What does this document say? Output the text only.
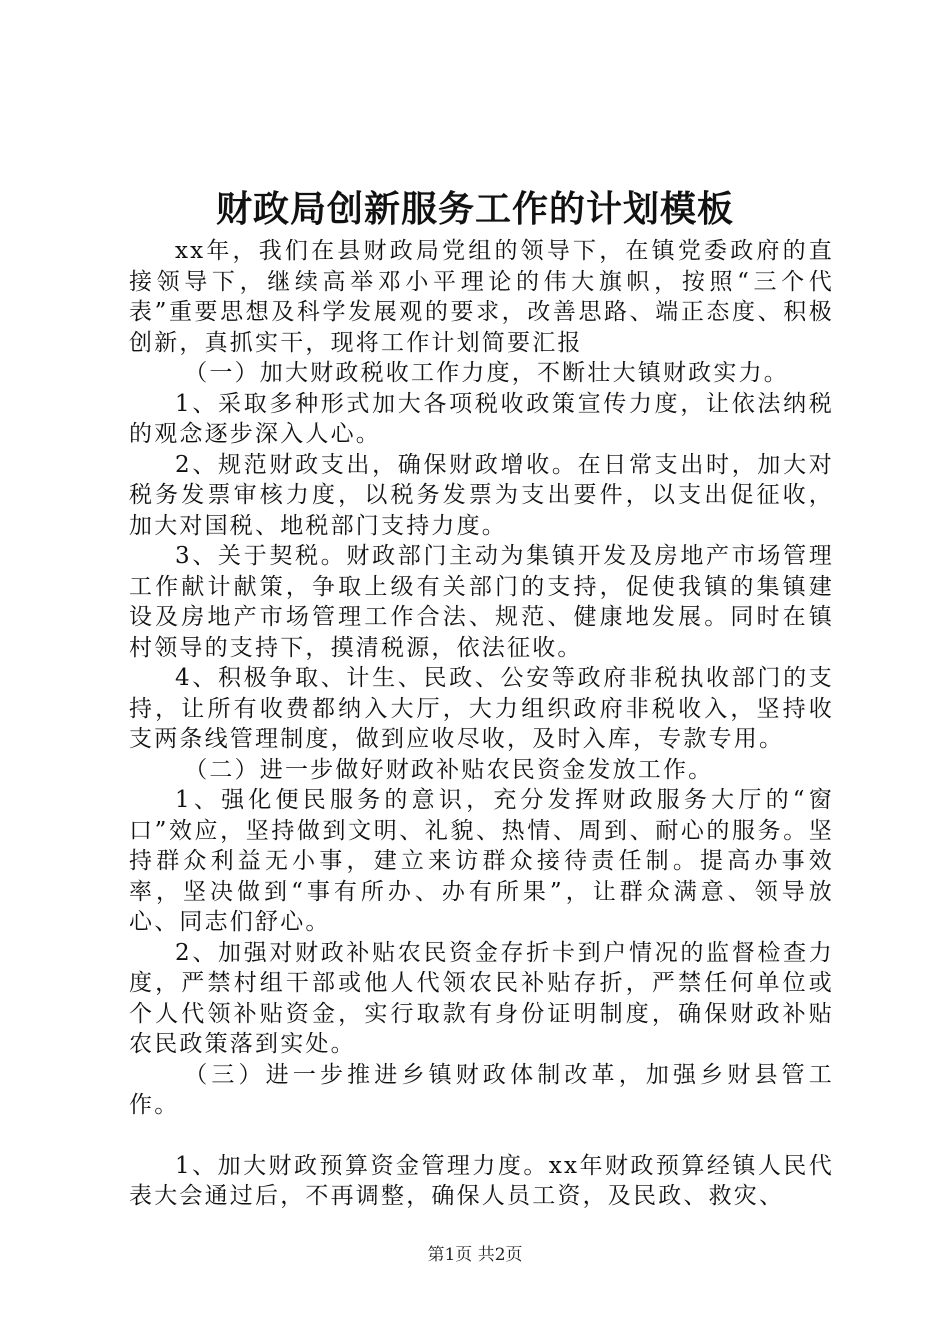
财政局创新服务工作的计划模板

xx年，我们在县财政局党组的领导下，在镇党委政府的直接领导下，继续高举邓小平理论的伟大旗帜，按照“三个代表”重要思想及科学发展观的要求，改善思路、端正态度、积极创新，真抓实干，现将工作计划简要汇报

（一）加大财政税收工作力度，不断壮大镇财政实力。

1、采取多种形式加大各项税收政策宣传力度，让依法纳税的观念逐步深入人心。

2、规范财政支出，确保财政增收。在日常支出时，加大对税务发票审核力度，以税务发票为支出要件，以支出促征收，加大对国税、地税部门支持力度。

3、关于契税。财政部门主动为集镇开发及房地产市场管理工作献计献策，争取上级有关部门的支持，促使我镇的集镇建设及房地产市场管理工作合法、规范、健康地发展。同时在镇村领导的支持下，摸清税源，依法征收。

4、积极争取、计生、民政、公安等政府非税执收部门的支持，让所有收费都纳入大厅，大力组织政府非税收入，坚持收支两条线管理制度，做到应收尽收，及时入库，专款专用。

（二）进一步做好财政补贴农民资金发放工作。

1、强化便民服务的意识，充分发挥财政服务大厅的“窗口”效应，坚持做到文明、礼貌、热情、周到、耐心的服务。坚持群众利益无小事，建立来访群众接待责任制。提高办事效率，坚决做到“事有所办、办有所果”，让群众满意、领导放心、同志们舒心。

2、加强对财政补贴农民资金存折卡到户情况的监督检查力度，严禁村组干部或他人代领农民补贴存折，严禁任何单位或个人代领补贴资金，实行取款有身份证明制度，确保财政补贴农民政策落到实处。

（三）进一步推进乡镇财政体制改革，加强乡财县管工作。

1、加大财政预算资金管理力度。xx年财政预算经镇人民代表大会通过后，不再调整，确保人员工资，及民政、救灾、

第1页 共2页
